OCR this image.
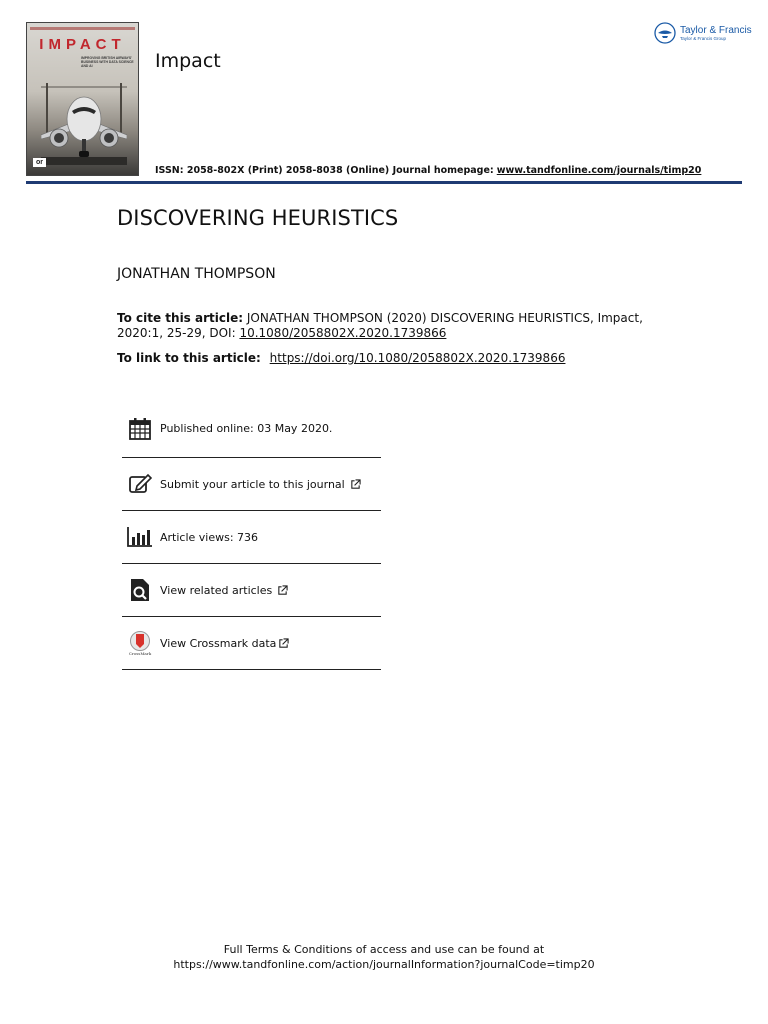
IMPACT
IMPROVING BRITISH AIRWAYS' BUSINESS WITH DATA SCIENCE AND AI
or
Impact
ISSN: 2058-802X (Print) 2058-8038 (Online) Journal homepage: www.tandfonline.com/journals/timp20
Taylor & Francis
Taylor & Francis Group
DISCOVERING HEURISTICS
JONATHAN THOMPSON
To cite this article: JONATHAN THOMPSON (2020) DISCOVERING HEURISTICS, Impact, 2020:1, 25-29, DOI: 10.1080/2058802X.2020.1739866
To link to this article: https://doi.org/10.1080/2058802X.2020.1739866
Published online: 03 May 2020.
Submit your article to this journal
Article views: 736
View related articles
CrossMark
View Crossmark data
Full Terms & Conditions of access and use can be found at
https://www.tandfonline.com/action/journalInformation?journalCode=timp20
